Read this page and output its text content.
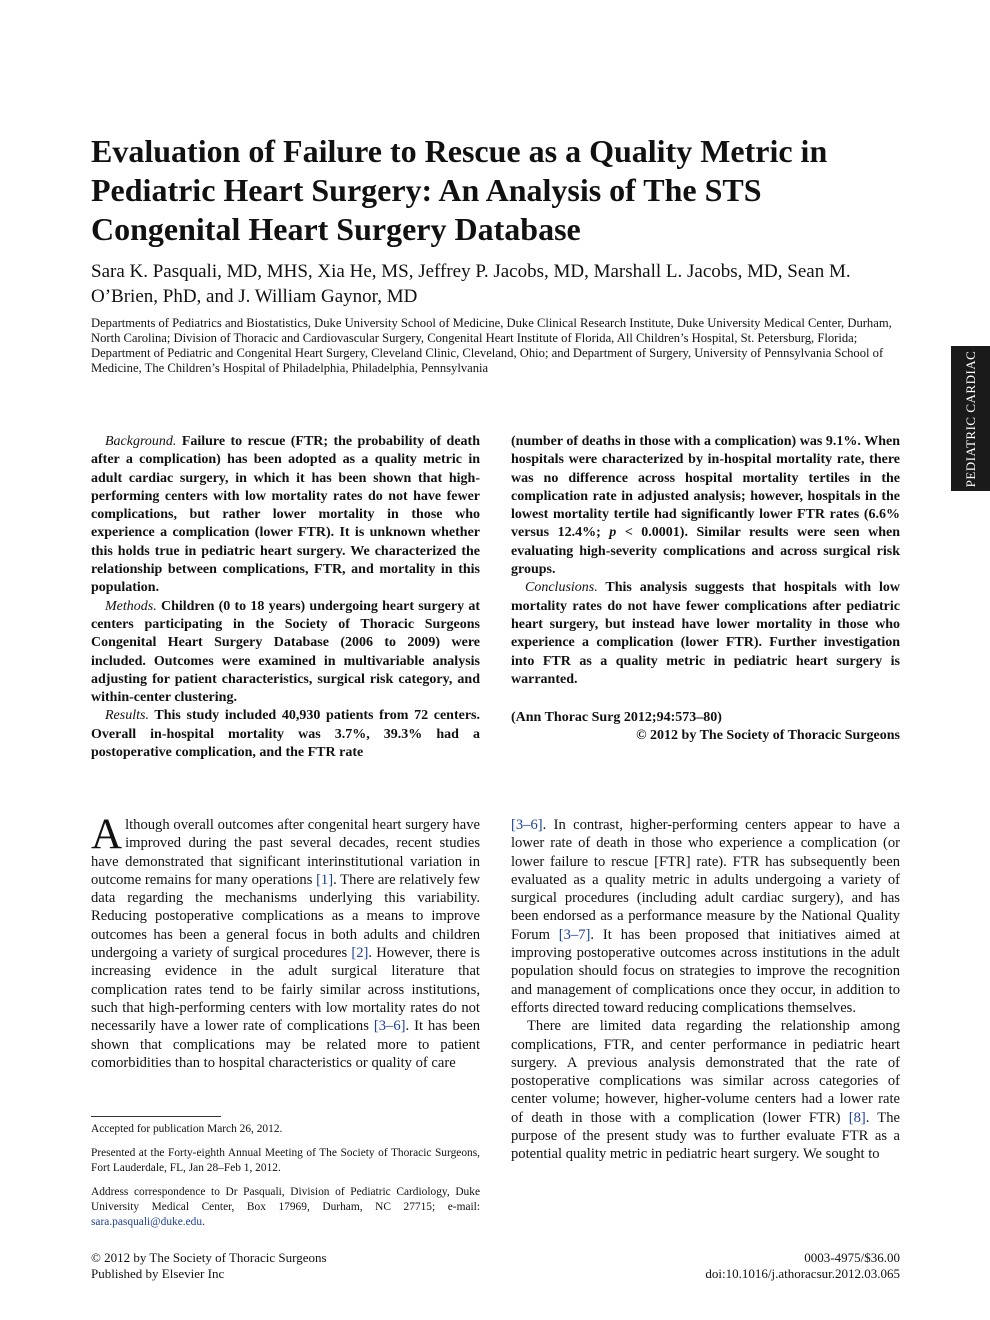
Evaluation of Failure to Rescue as a Quality Metric in Pediatric Heart Surgery: An Analysis of The STS Congenital Heart Surgery Database
Sara K. Pasquali, MD, MHS, Xia He, MS, Jeffrey P. Jacobs, MD, Marshall L. Jacobs, MD, Sean M. O’Brien, PhD, and J. William Gaynor, MD
Departments of Pediatrics and Biostatistics, Duke University School of Medicine, Duke Clinical Research Institute, Duke University Medical Center, Durham, North Carolina; Division of Thoracic and Cardiovascular Surgery, Congenital Heart Institute of Florida, All Children’s Hospital, St. Petersburg, Florida; Department of Pediatric and Congenital Heart Surgery, Cleveland Clinic, Cleveland, Ohio; and Department of Surgery, University of Pennsylvania School of Medicine, The Children’s Hospital of Philadelphia, Philadelphia, Pennsylvania	PEDIATRIC CARDIAC

Background. Failure to rescue (FTR; the probability of death after a complication) has been adopted as a quality metric in adult cardiac surgery, in which it has been shown that high-performing centers with low mortality rates do not have fewer complications, but rather lower mortality in those who experience a complication (lower FTR). It is unknown whether this holds true in pediatric heart surgery. We characterized the relationship between complications, FTR, and mortality in this population.

Methods. Children (0 to 18 years) undergoing heart surgery at centers participating in the Society of Thoracic Surgeons Congenital Heart Surgery Database (2006 to 2009) were included. Outcomes were examined in multivariable analysis adjusting for patient characteristics, surgical risk category, and within-center clustering.

Results. This study included 40,930 patients from 72 centers. Overall in-hospital mortality was 3.7%, 39.3% had a postoperative complication, and the FTR rate

(number of deaths in those with a complication) was 9.1%. When hospitals were characterized by in-hospital mortality rate, there was no difference across hospital mortality tertiles in the complication rate in adjusted analysis; however, hospitals in the lowest mortality tertile had significantly lower FTR rates (6.6% versus 12.4%; p < 0.0001). Similar results were seen when evaluating high-severity complications and across surgical risk groups.

Conclusions. This analysis suggests that hospitals with low mortality rates do not have fewer complications after pediatric heart surgery, but instead have lower mortality in those who experience a complication (lower FTR). Further investigation into FTR as a quality metric in pediatric heart surgery is warranted.

(Ann Thorac Surg 2012;94:573–80)

© 2012 by The Society of Thoracic Surgeons

Although overall outcomes after congenital heart surgery have improved during the past several decades, recent studies have demonstrated that significant interinstitutional variation in outcome remains for many operations [1]. There are relatively few data regarding the mechanisms underlying this variability. Reducing postoperative complications as a means to improve outcomes has been a general focus in both adults and children undergoing a variety of surgical procedures [2]. However, there is increasing evidence in the adult surgical literature that complication rates tend to be fairly similar across institutions, such that high-performing centers with low mortality rates do not necessarily have a lower rate of complications [3–6]. It has been shown that complications may be related more to patient comorbidities than to hospital characteristics or quality of care

[3–6]. In contrast, higher-performing centers appear to have a lower rate of death in those who experience a complication (or lower failure to rescue [FTR] rate). FTR has subsequently been evaluated as a quality metric in adults undergoing a variety of surgical procedures (including adult cardiac surgery), and has been endorsed as a performance measure by the National Quality Forum [3–7]. It has been proposed that initiatives aimed at improving postoperative outcomes across institutions in the adult population should focus on strategies to improve the recognition and management of complications once they occur, in addition to efforts directed toward reducing complications themselves.

There are limited data regarding the relationship among complications, FTR, and center performance in pediatric heart surgery. A previous analysis demonstrated that the rate of postoperative complications was similar across categories of center volume; however, higher-volume centers had a lower rate of death in those with a complication (lower FTR) [8]. The purpose of the present study was to further evaluate FTR as a potential quality metric in pediatric heart surgery. We sought to

Accepted for publication March 26, 2012.

Presented at the Forty-eighth Annual Meeting of The Society of Thoracic Surgeons, Fort Lauderdale, FL, Jan 28–Feb 1, 2012.

Address correspondence to Dr Pasquali, Division of Pediatric Cardiology, Duke University Medical Center, Box 17969, Durham, NC 27715; e-mail: sara.pasquali@duke.edu.

© 2012 by The Society of Thoracic Surgeons
Published by Elsevier Inc
0003-4975/$36.00
doi:10.1016/j.athoracsur.2012.03.065
